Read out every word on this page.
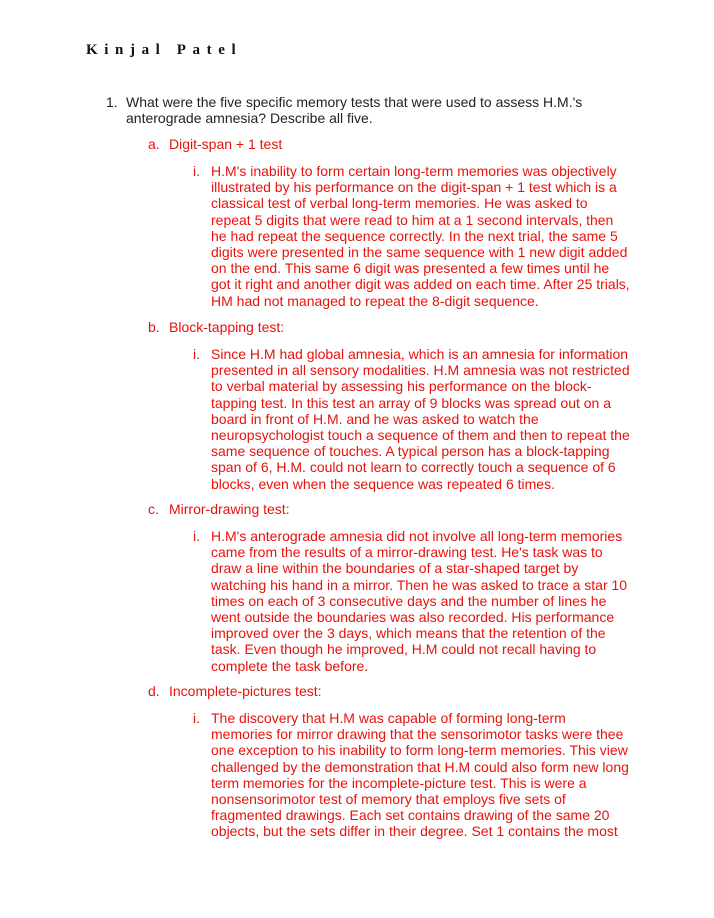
Kinjal Patel
1. What were the five specific memory tests that were used to assess H.M.'s anterograde amnesia? Describe all five.
a. Digit-span + 1 test
i. H.M's inability to form certain long-term memories was objectively
illustrated by his performance on the digit-span + 1 test which is a
classical test of verbal long-term memories. He was asked to
repeat 5 digits that were read to him at a 1 second intervals, then
he had repeat the sequence correctly. In the next trial, the same 5
digits were presented in the same sequence with 1 new digit added
on the end. This same 6 digit was presented a few times until he
got it right and another digit was added on each time. After 25 trials,
HM had not managed to repeat the 8-digit sequence.
b. Block-tapping test:
i. Since H.M had global amnesia, which is an amnesia for information
presented in all sensory modalities. H.M amnesia was not restricted
to verbal material by assessing his performance on the block-
tapping test. In this test an array of 9 blocks was spread out on a
board in front of H.M. and he was asked to watch the
neuropsychologist touch a sequence of them and then to repeat the
same sequence of touches. A typical person has a block-tapping
span of 6, H.M. could not learn to correctly touch a sequence of 6
blocks, even when the sequence was repeated 6 times.
c. Mirror-drawing test:
i. H.M's anterograde amnesia did not involve all long-term memories
came from the results of a mirror-drawing test. He's task was to
draw a line within the boundaries of a star-shaped target by
watching his hand in a mirror. Then he was asked to trace a star 10
times on each of 3 consecutive days and the number of lines he
went outside the boundaries was also recorded. His performance
improved over the 3 days, which means that the retention of the
task. Even though he improved, H.M could not recall having to
complete the task before.
d. Incomplete-pictures test:
i. The discovery that H.M was capable of forming long-term
memories for mirror drawing that the sensorimotor tasks were thee
one exception to his inability to form long-term memories. This view
challenged by the demonstration that H.M could also form new long
term memories for the incomplete-picture test. This is were a
nonsensorimotor test of memory that employs five sets of
fragmented drawings. Each set contains drawing of the same 20
objects, but the sets differ in their degree. Set 1 contains the most
